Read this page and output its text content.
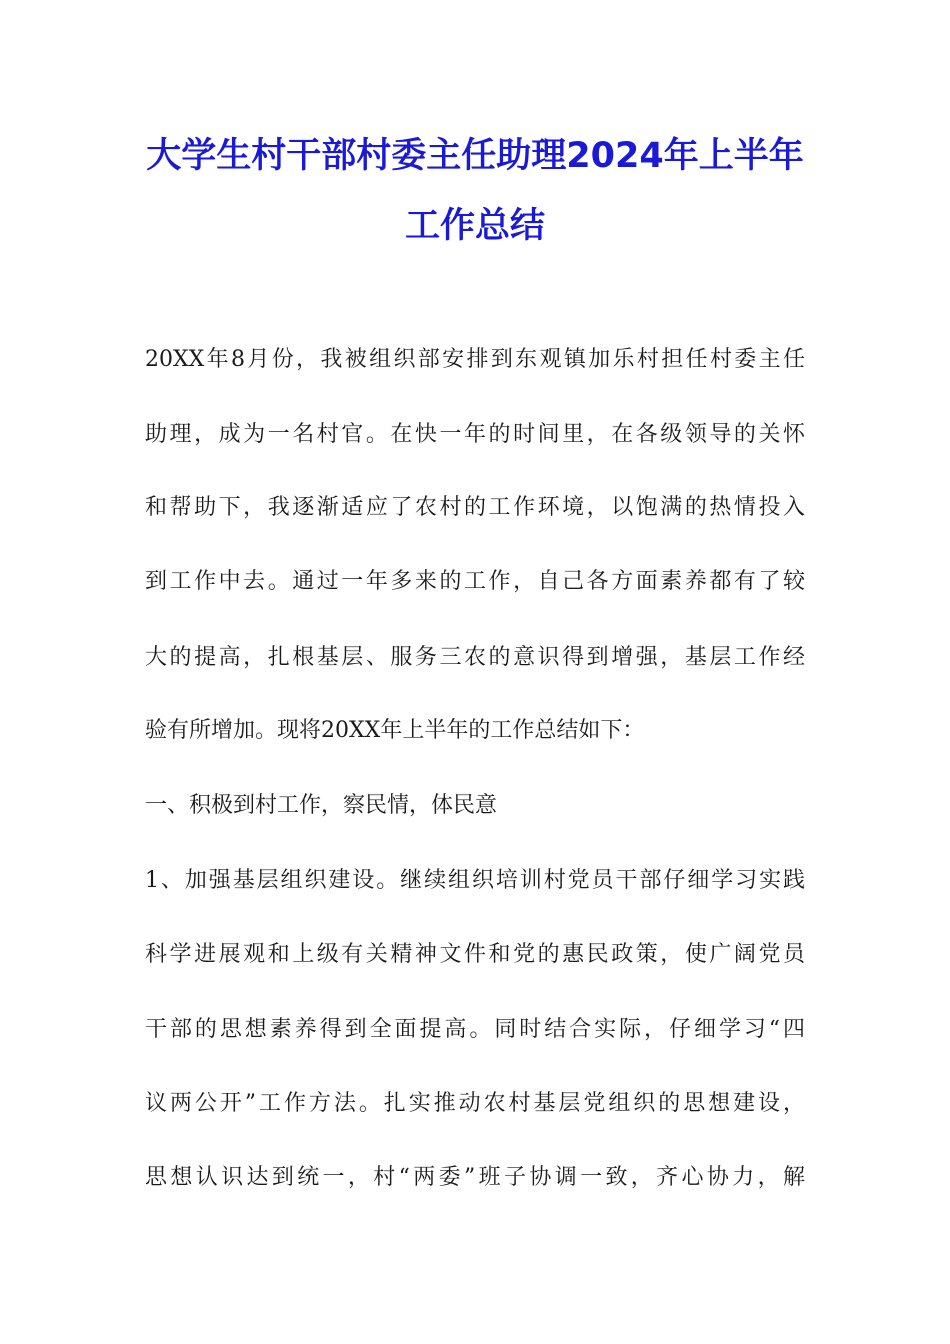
大学生村干部村委主任助理2024年上半年
工作总结
20XX年8月份，我被组织部安排到东观镇加乐村担任村委主任
助理，成为一名村官。在快一年的时间里，在各级领导的关怀
和帮助下，我逐渐适应了农村的工作环境，以饱满的热情投入
到工作中去。通过一年多来的工作，自己各方面素养都有了较
大的提高，扎根基层、服务三农的意识得到增强，基层工作经
验有所增加。现将20XX年上半年的工作总结如下：
一、积极到村工作，察民情，体民意
1、加强基层组织建设。继续组织培训村党员干部仔细学习实践
科学进展观和上级有关精神文件和党的惠民政策，使广阔党员
干部的思想素养得到全面提高。同时结合实际，仔细学习“四
议两公开”工作方法。扎实推动农村基层党组织的思想建设，
思想认识达到统一，村“两委”班子协调一致，齐心协力，解
